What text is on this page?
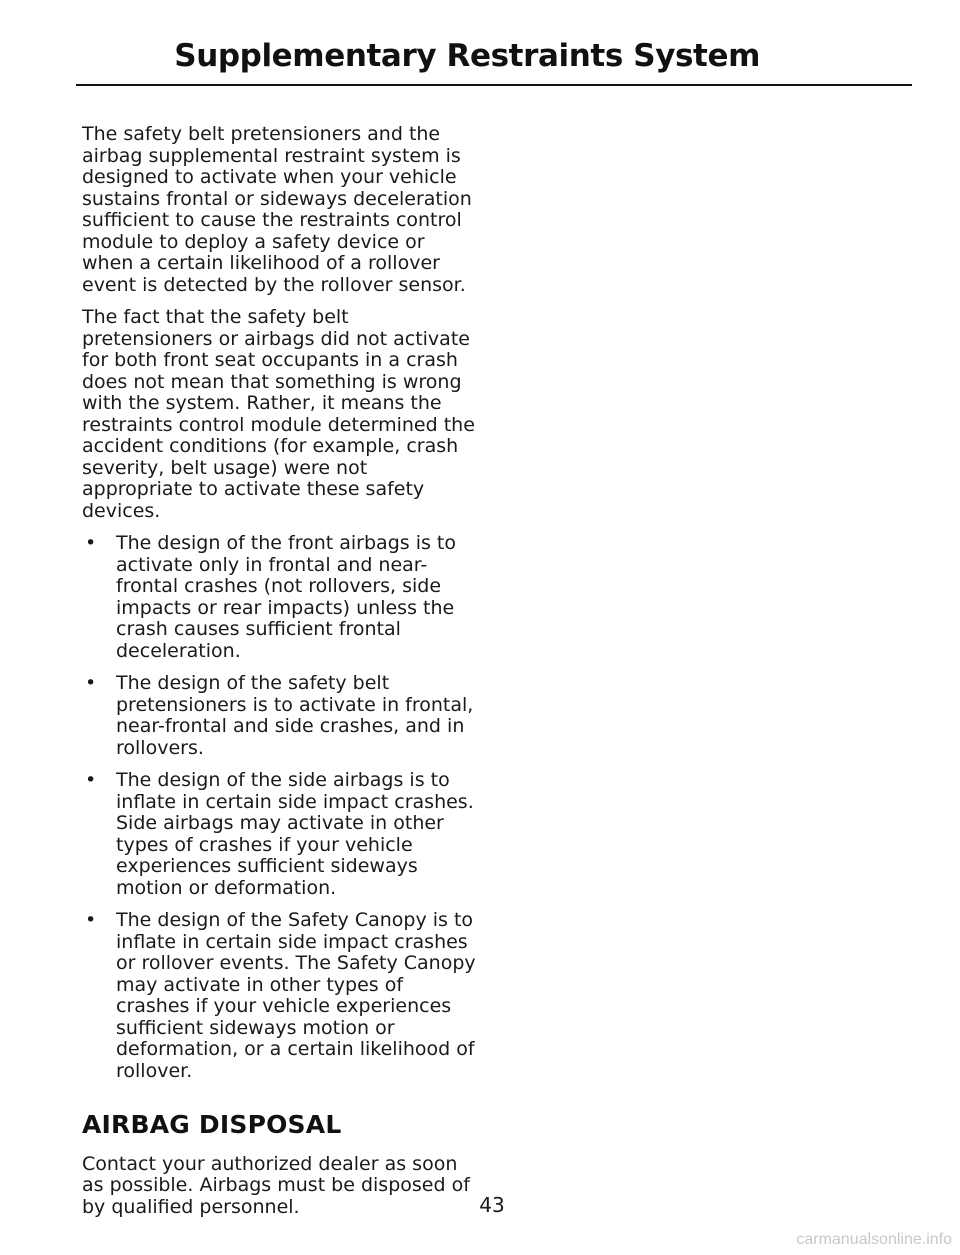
Supplementary Restraints System

The safety belt pretensioners and the airbag supplemental restraint system is designed to activate when your vehicle sustains frontal or sideways deceleration sufficient to cause the restraints control module to deploy a safety device or when a certain likelihood of a rollover event is detected by the rollover sensor.

The fact that the safety belt pretensioners or airbags did not activate for both front seat occupants in a crash does not mean that something is wrong with the system. Rather, it means the restraints control module determined the accident conditions (for example, crash severity, belt usage) were not appropriate to activate these safety devices.

• The design of the front airbags is to activate only in frontal and near-frontal crashes (not rollovers, side impacts or rear impacts) unless the crash causes sufficient frontal deceleration.
• The design of the safety belt pretensioners is to activate in frontal, near-frontal and side crashes, and in rollovers.
• The design of the side airbags is to inflate in certain side impact crashes. Side airbags may activate in other types of crashes if your vehicle experiences sufficient sideways motion or deformation.
• The design of the Safety Canopy is to inflate in certain side impact crashes or rollover events. The Safety Canopy may activate in other types of crashes if your vehicle experiences sufficient sideways motion or deformation, or a certain likelihood of rollover.
AIRBAG DISPOSAL

Contact your authorized dealer as soon as possible. Airbags must be disposed of by qualified personnel.	43
carmanualsonline.info
